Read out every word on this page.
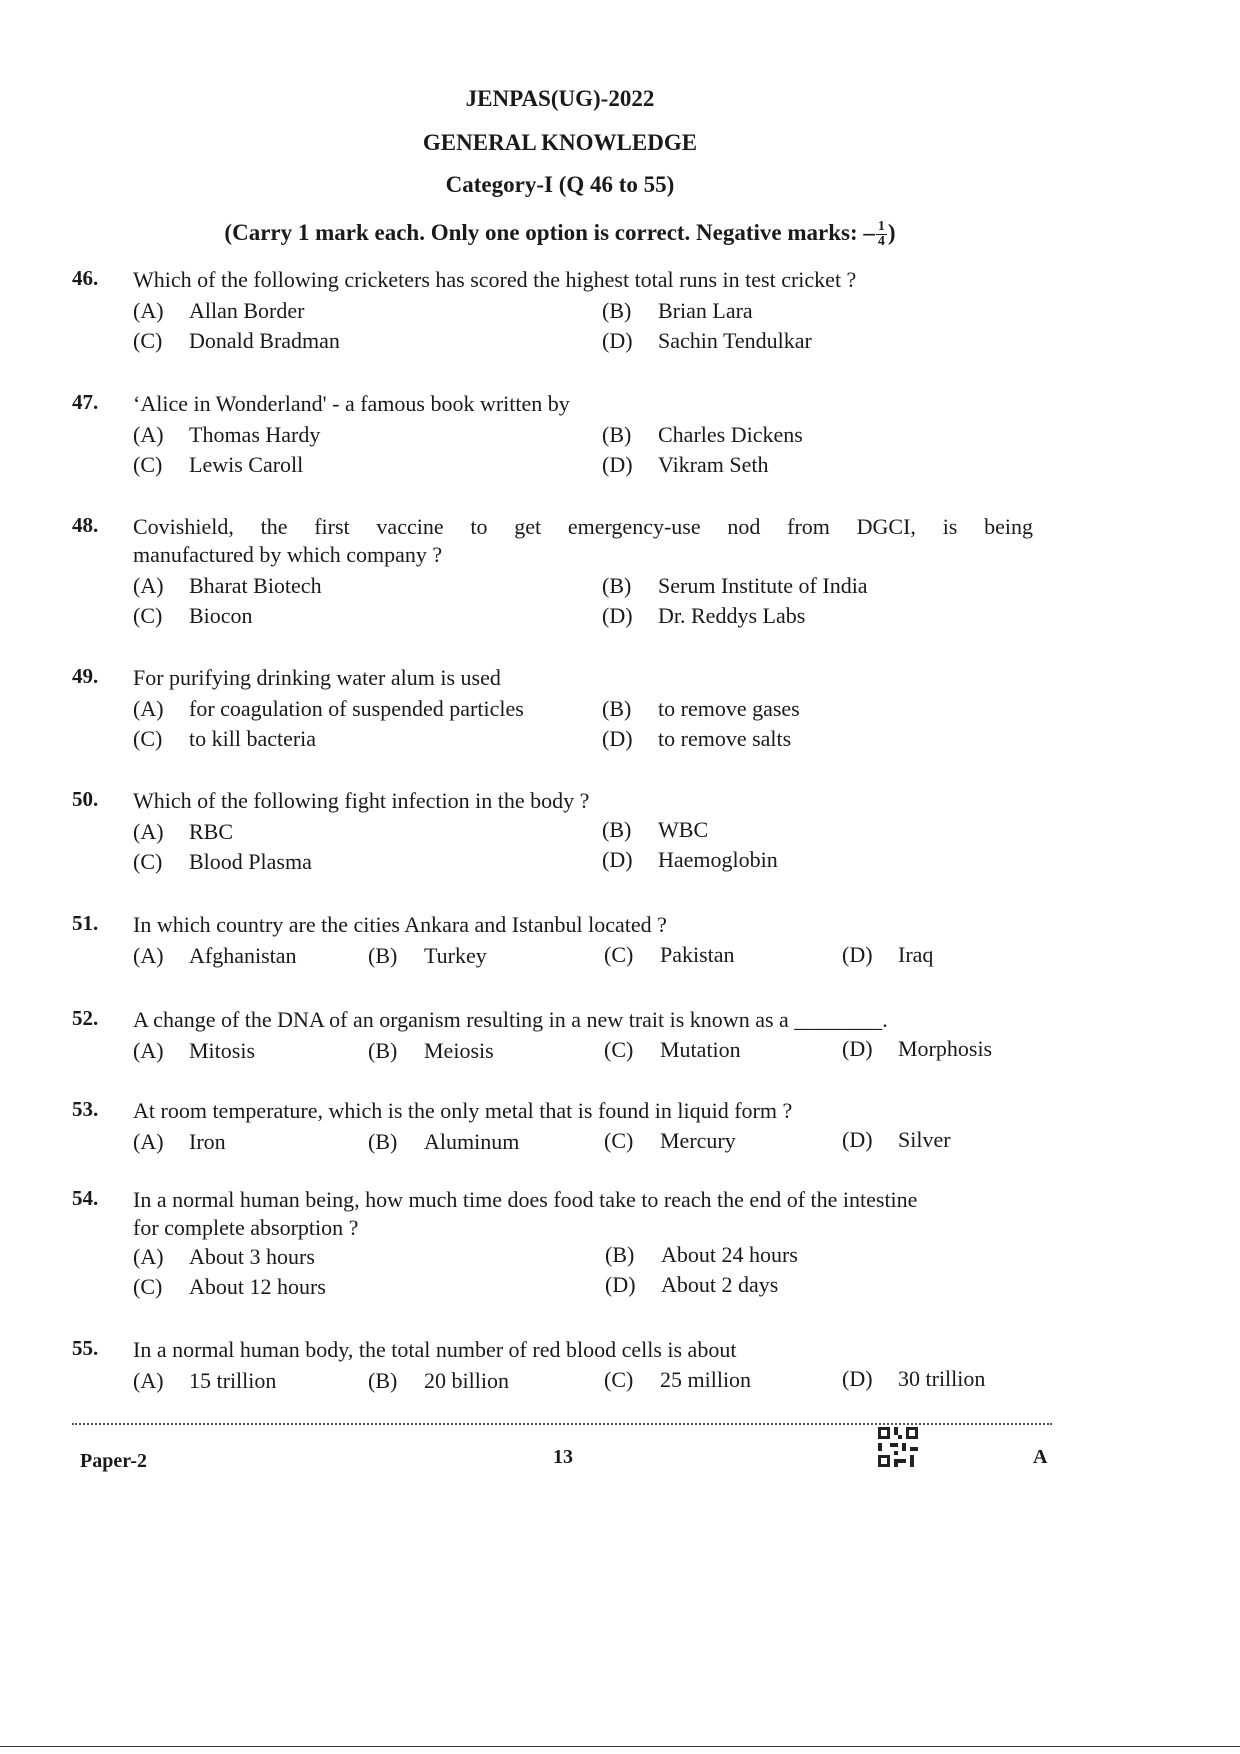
JENPAS(UG)-2022
GENERAL KNOWLEDGE
Category-I (Q 46 to 55)
(Carry 1 mark each. Only one option is correct. Negative marks: – $\frac{1}{4}$ )
46. Which of the following cricketers has scored the highest total runs in test cricket ?
(A) Allan Border	(B) Brian Lara
(C) Donald Bradman	(D) Sachin Tendulkar
47. ‘Alice in Wonderland' - a famous book written by
(A) Thomas Hardy	(B) Charles Dickens
(C) Lewis Caroll	(D) Vikram Seth
48. Covishield, the first vaccine to get emergency-use nod from DGCI, is being
manufactured by which company ?
(A) Bharat Biotech	(B) Serum Institute of India
(C) Biocon	(D) Dr. Reddys Labs
49. For purifying drinking water alum is used
(A) for coagulation of suspended particles	(B) to remove gases
(C) to kill bacteria	(D) to remove salts
50. Which of the following fight infection in the body ?
(A) RBC	(B) WBC
(C) Blood Plasma	(D) Haemoglobin
51. In which country are the cities Ankara and Istanbul located ?
(A) Afghanistan	(B) Turkey	(C) Pakistan	(D) Iraq
52. A change of the DNA of an organism resulting in a new trait is known as a ________.
(A) Mitosis	(B) Meiosis	(C) Mutation	(D) Morphosis
53. At room temperature, which is the only metal that is found in liquid form ?
(A) Iron	(B) Aluminum	(C) Mercury	(D) Silver
54. In a normal human being, how much time does food take to reach the end of the intestine
for complete absorption ?
(A) About 3 hours	(B) About 24 hours
(C) About 12 hours	(D) About 2 days
55. In a normal human body, the total number of red blood cells is about
(A) 15 trillion	(B) 20 billion	(C) 25 million	(D) 30 trillion
Paper-2	13	A
